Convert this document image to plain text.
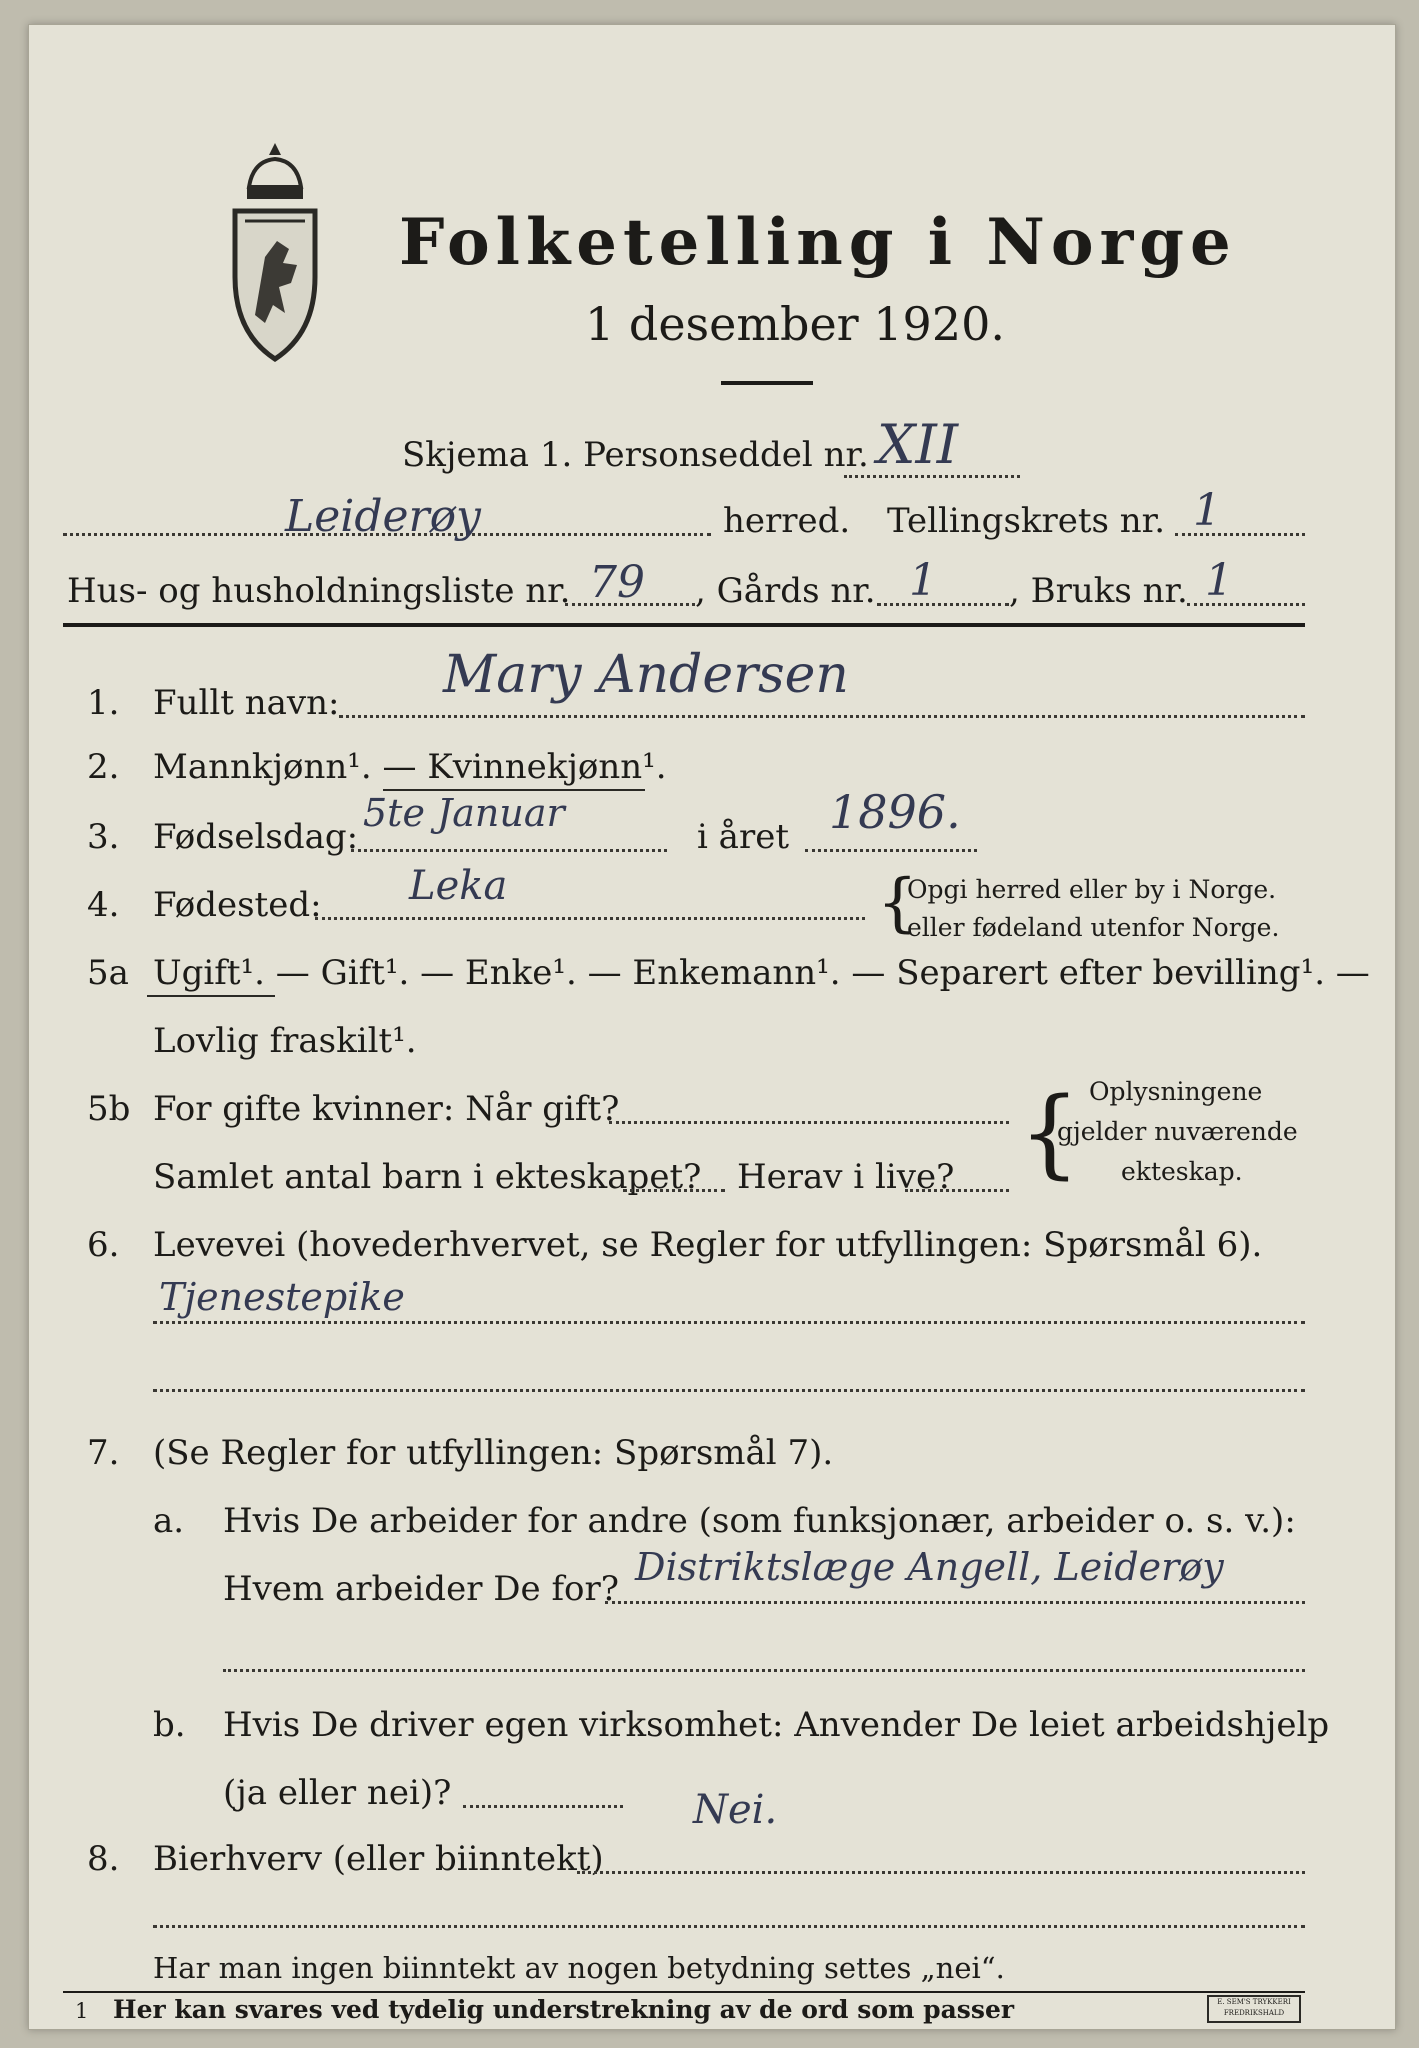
Folketelling i Norge
1 desember 1920.
Skjema 1. Personseddel nr. XII
Leiderøy	herred. Tellingskrets nr. 1
Hus- og husholdningsliste nr. 79 , Gårds nr. 1 , Bruks nr. 1
1. Fullt navn: Mary Andersen
2. Mannkjønn¹. — Kvinnekjønn¹.
3. Fødselsdag:
5te Januar
i året 1896.
4. Fødested: Leka	{
Opgi herred eller by i Norge.
eller fødeland utenfor Norge.
5a Ugift¹. — Gift¹. — Enke¹. — Enkemann¹. — Separert efter bevilling¹. —
Lovlig fraskilt¹.
5b For gifte kvinner: Når gift?
Samlet antal barn i ekteskapet? Herav i live? { Oplysningene
gjelder nuværende
ekteskap.
6. Levevei (hovederhvervet, se Regler for utfyllingen: Spørsmål 6).
Tjenestepike
7. (Se Regler for utfyllingen: Spørsmål 7).
a. Hvis De arbeider for andre (som funksjonær, arbeider o. s. v.):
Hvem arbeider De for? Distriktslæge Angell, Leiderøy
b. Hvis De driver egen virksomhet: Anvender De leiet arbeidshjelp
(ja eller nei)?	Nei.
8. Bierhverv (eller biinntekt)
Har man ingen biinntekt av nogen betydning settes „nei“.
1 Her kan svares ved tydelig understrekning av de ord som passer	E. SEM'S TRYKKERI FREDRIKSHALD
